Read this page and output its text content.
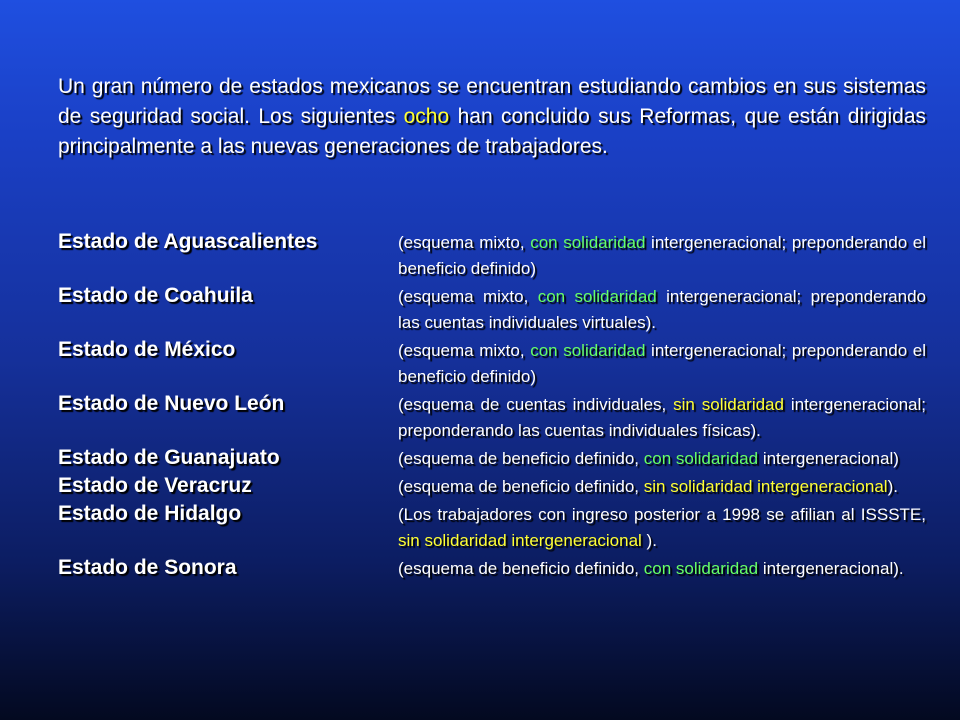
Un gran número de estados mexicanos se encuentran estudiando cambios en sus sistemas de seguridad social. Los siguientes ocho han concluido sus Reformas, que están dirigidas principalmente a las nuevas generaciones de trabajadores.

Estado de Aguascalientes	(esquema mixto, con solidaridad intergeneracional; preponderando el beneficio definido)
Estado de Coahuila	(esquema mixto, con solidaridad intergeneracional; preponderando las cuentas individuales virtuales).
Estado de México	(esquema mixto, con solidaridad intergeneracional; preponderando el beneficio definido)
Estado de Nuevo León	(esquema de cuentas individuales, sin solidaridad intergeneracional; preponderando las cuentas individuales físicas).
Estado de Guanajuato	(esquema de beneficio definido, con solidaridad intergeneracional)
Estado de Veracruz	(esquema de beneficio definido, sin solidaridad intergeneracional).
Estado de Hidalgo	(Los trabajadores con ingreso posterior a 1998 se afilian al ISSSTE, sin solidaridad intergeneracional ).
Estado de Sonora	(esquema de beneficio definido, con solidaridad intergeneracional).
